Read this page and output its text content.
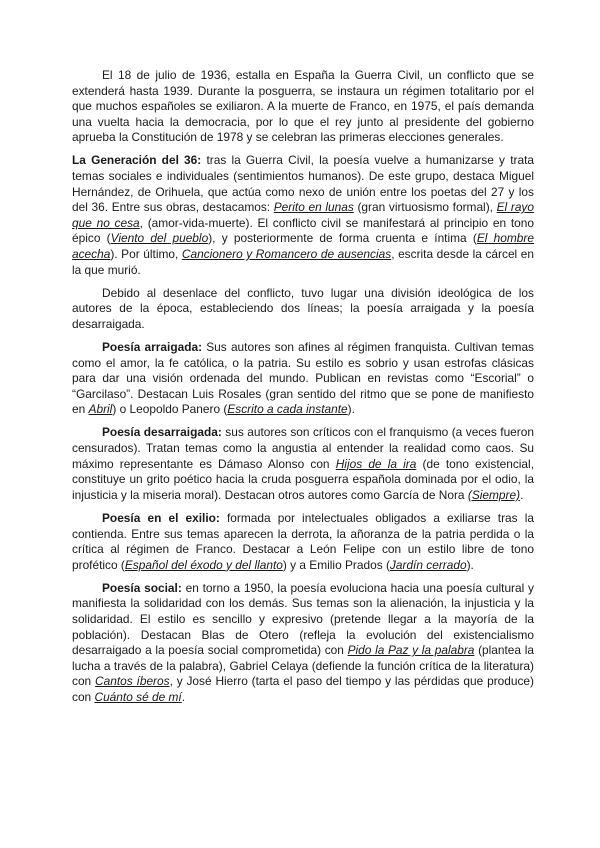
El 18 de julio de 1936, estalla en España la Guerra Civil, un conflicto que se extenderá hasta 1939. Durante la posguerra, se instaura un régimen totalitario por el que muchos españoles se exiliaron. A la muerte de Franco, en 1975, el país demanda una vuelta hacia la democracia, por lo que el rey junto al presidente del gobierno aprueba la Constitución de 1978 y se celebran las primeras elecciones generales.

La Generación del 36: tras la Guerra Civil, la poesía vuelve a humanizarse y trata temas sociales e individuales (sentimientos humanos). De este grupo, destaca Miguel Hernández, de Orihuela, que actúa como nexo de unión entre los poetas del 27 y los del 36. Entre sus obras, destacamos: Perito en lunas (gran virtuosismo formal), El rayo que no cesa, (amor-vida-muerte). El conflicto civil se manifestará al principio en tono épico (Viento del pueblo), y posteriormente de forma cruenta e íntima (El hombre acecha). Por último, Cancionero y Romancero de ausencias, escrita desde la cárcel en la que murió.

Debido al desenlace del conflicto, tuvo lugar una división ideológica de los autores de la época, estableciendo dos líneas; la poesía arraigada y la poesía desarraigada.

Poesía arraigada: Sus autores son afines al régimen franquista. Cultivan temas como el amor, la fe católica, o la patria. Su estilo es sobrio y usan estrofas clásicas para dar una visión ordenada del mundo. Publican en revistas como “Escorial” o “Garcilaso”. Destacan Luis Rosales (gran sentido del ritmo que se pone de manifiesto en Abril) o Leopoldo Panero (Escrito a cada instante).

Poesía desarraigada: sus autores son críticos con el franquismo (a veces fueron censurados). Tratan temas como la angustia al entender la realidad como caos. Su máximo representante es Dámaso Alonso con Hijos de la ira (de tono existencial, constituye un grito poético hacia la cruda posguerra española dominada por el odio, la injusticia y la miseria moral). Destacan otros autores como García de Nora (Siempre).

Poesía en el exilio: formada por intelectuales obligados a exiliarse tras la contienda. Entre sus temas aparecen la derrota, la añoranza de la patria perdida o la crítica al régimen de Franco. Destacar a León Felipe con un estilo libre de tono profético (Español del éxodo y del llanto) y a Emilio Prados (Jardín cerrado).

Poesía social: en torno a 1950, la poesía evoluciona hacia una poesía cultural y manifiesta la solidaridad con los demás. Sus temas son la alienación, la injusticia y la solidaridad. El estilo es sencillo y expresivo (pretende llegar a la mayoría de la población). Destacan Blas de Otero (refleja la evolución del existencialismo desarraigado a la poesía social comprometida) con Pido la Paz y la palabra (plantea la lucha a través de la palabra), Gabriel Celaya (defiende la función crítica de la literatura) con Cantos íberos, y José Hierro (tarta el paso del tiempo y las pérdidas que produce) con Cuánto sé de mí.
